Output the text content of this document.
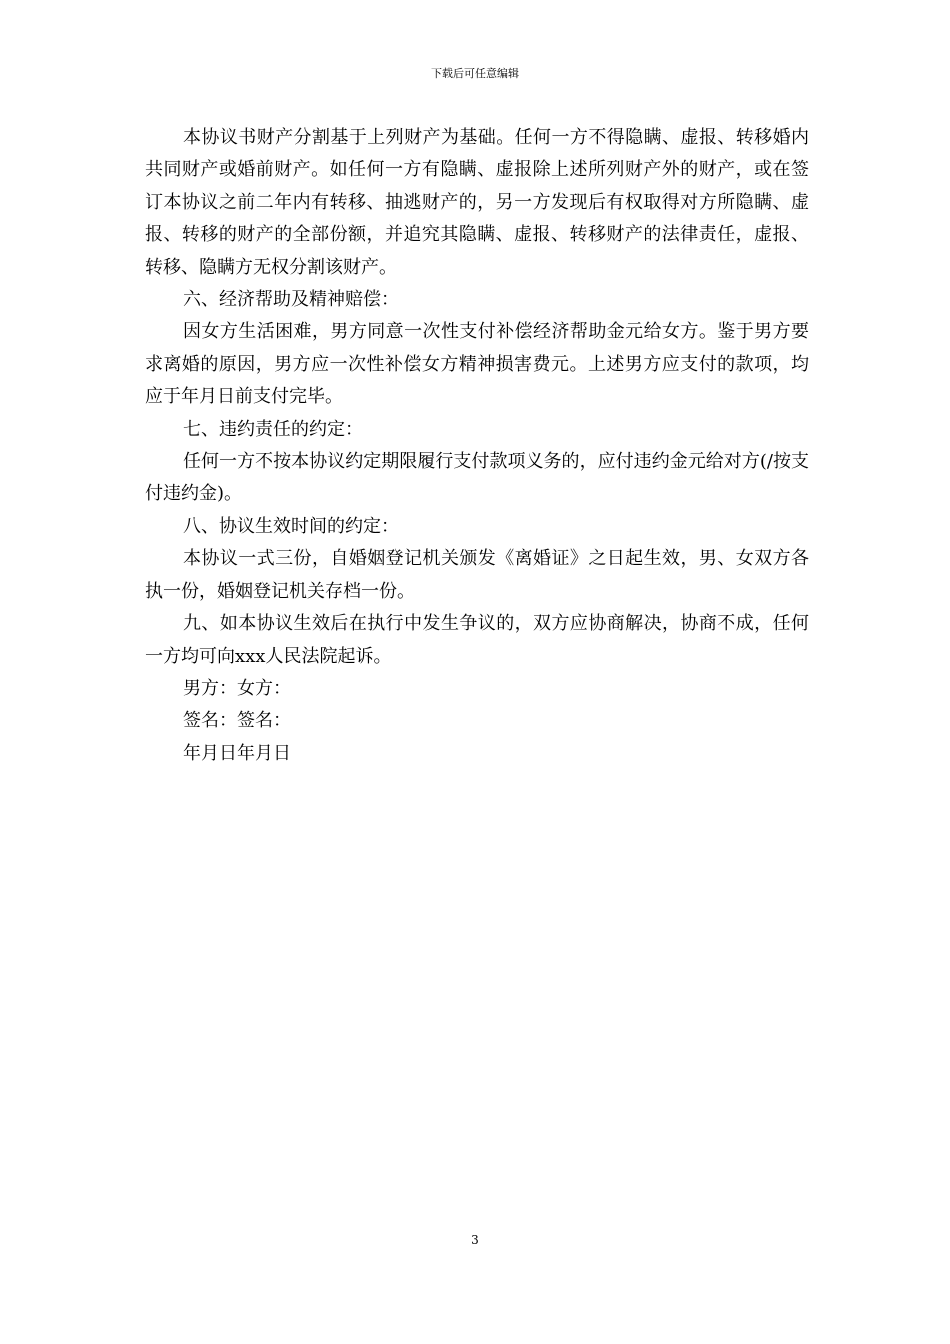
下载后可任意编辑

本协议书财产分割基于上列财产为基础。任何一方不得隐瞒、虚报、转移婚内共同财产或婚前财产。如任何一方有隐瞒、虚报除上述所列财产外的财产，或在签订本协议之前二年内有转移、抽逃财产的，另一方发现后有权取得对方所隐瞒、虚报、转移的财产的全部份额，并追究其隐瞒、虚报、转移财产的法律责任，虚报、转移、隐瞒方无权分割该财产。

六、经济帮助及精神赔偿：

因女方生活困难，男方同意一次性支付补偿经济帮助金元给女方。鉴于男方要求离婚的原因，男方应一次性补偿女方精神损害费元。上述男方应支付的款项，均应于年月日前支付完毕。

七、违约责任的约定：

任何一方不按本协议约定期限履行支付款项义务的，应付违约金元给对方(/按支付违约金)。

八、协议生效时间的约定：

本协议一式三份，自婚姻登记机关颁发《离婚证》之日起生效，男、女双方各执一份，婚姻登记机关存档一份。

九、如本协议生效后在执行中发生争议的，双方应协商解决，协商不成，任何一方均可向xxx人民法院起诉。

男方：女方：

签名：签名：

年月日年月日

3
